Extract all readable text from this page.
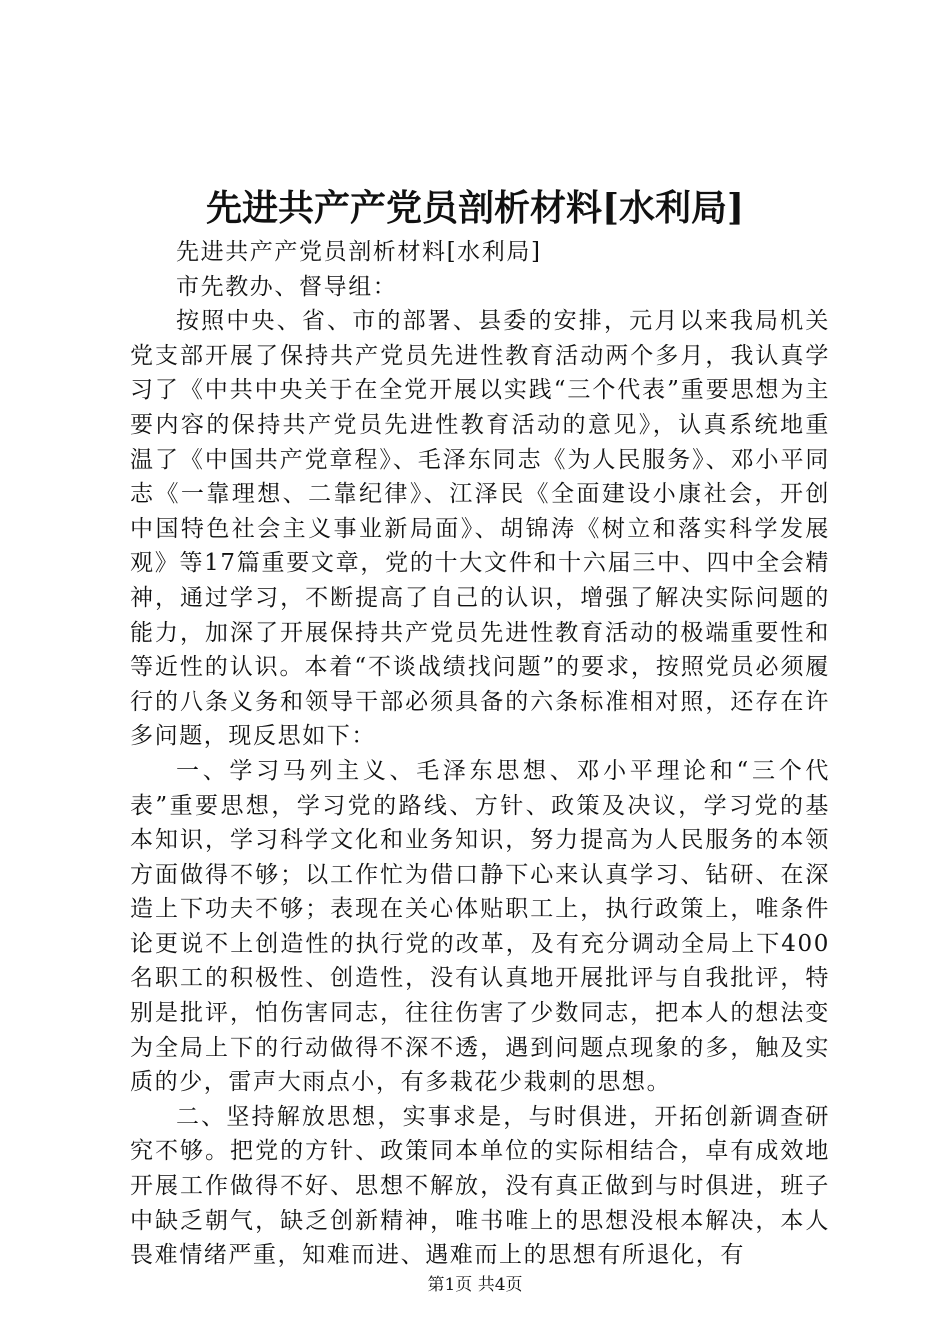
先进共产产党员剖析材料[水利局]

先进共产产党员剖析材料[水利局]

市先教办、督导组：

按照中央、省、市的部署、县委的安排，元月以来我局机关党支部开展了保持共产党员先进性教育活动两个多月，我认真学习了《中共中央关于在全党开展以实践“三个代表”重要思想为主要内容的保持共产党员先进性教育活动的意见》，认真系统地重温了《中国共产党章程》、毛泽东同志《为人民服务》、邓小平同志《一靠理想、二靠纪律》、江泽民《全面建设小康社会，开创中国特色社会主义事业新局面》、胡锦涛《树立和落实科学发展观》等17篇重要文章，党的十大文件和十六届三中、四中全会精神，通过学习，不断提高了自己的认识，增强了解决实际问题的能力，加深了开展保持共产党员先进性教育活动的极端重要性和等近性的认识。本着“不谈战绩找问题”的要求，按照党员必须履行的八条义务和领导干部必须具备的六条标准相对照，还存在许多问题，现反思如下：

一、学习马列主义、毛泽东思想、邓小平理论和“三个代表”重要思想，学习党的路线、方针、政策及决议，学习党的基本知识，学习科学文化和业务知识，努力提高为人民服务的本领方面做得不够；以工作忙为借口静下心来认真学习、钻研、在深造上下功夫不够；表现在关心体贴职工上，执行政策上，唯条件论更说不上创造性的执行党的改革，及有充分调动全局上下400名职工的积极性、创造性，没有认真地开展批评与自我批评，特别是批评，怕伤害同志，往往伤害了少数同志，把本人的想法变为全局上下的行动做得不深不透，遇到问题点现象的多，触及实质的少，雷声大雨点小，有多栽花少栽刺的思想。

二、坚持解放思想，实事求是，与时俱进，开拓创新调查研究不够。把党的方针、政策同本单位的实际相结合，卓有成效地开展工作做得不好、思想不解放，没有真正做到与时俱进，班子中缺乏朝气，缺乏创新精神，唯书唯上的思想没根本解决，本人畏难情绪严重，知难而进、遇难而上的思想有所退化，有

第1页 共4页
